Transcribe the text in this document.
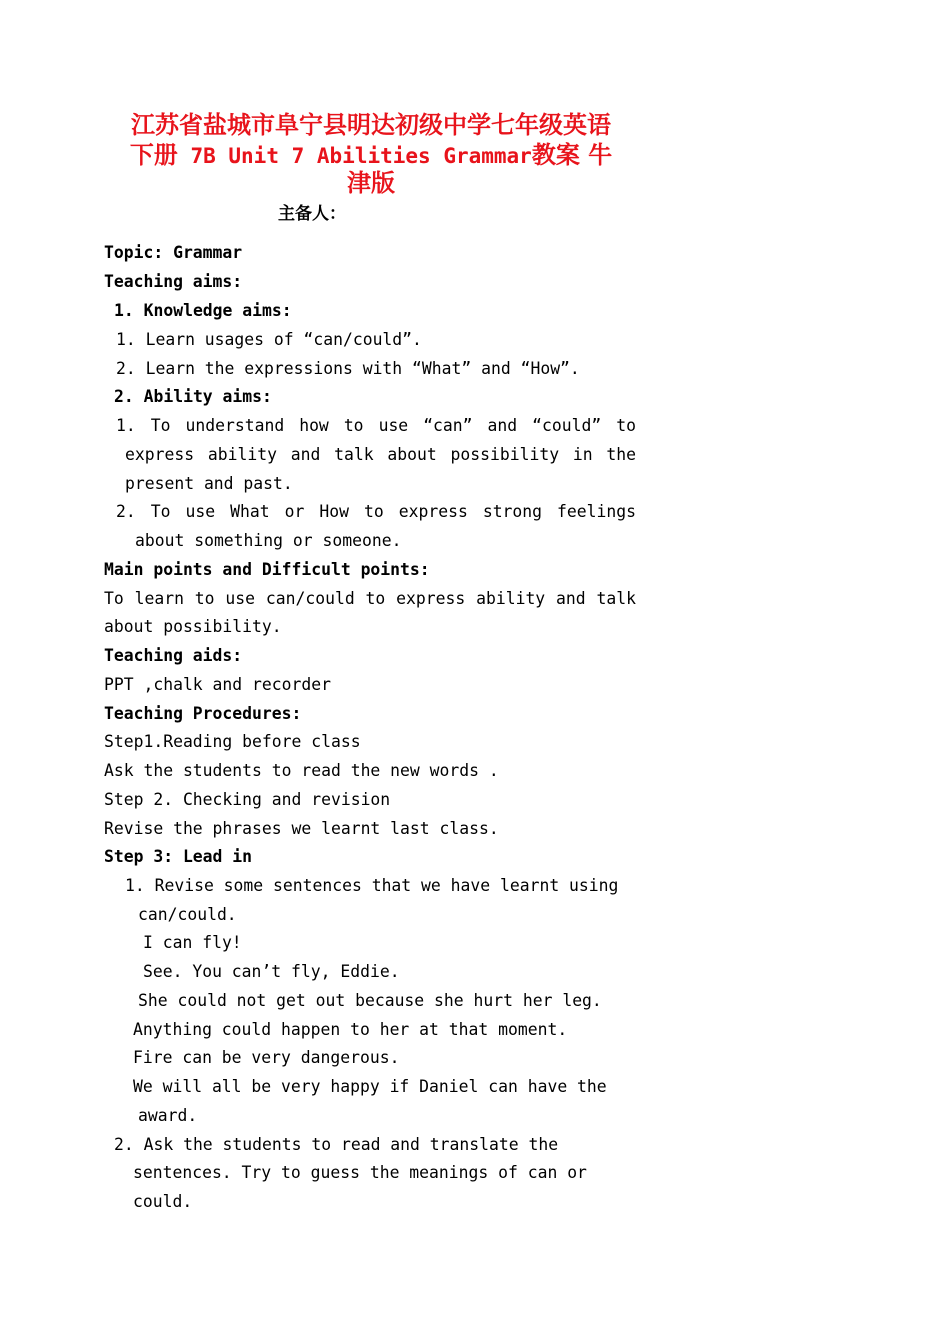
江苏省盐城市阜宁县明达初级中学七年级英语
下册 7B Unit 7 Abilities Grammar教案 牛
津版
主备人：
Topic: Grammar
Teaching aims:
1. Knowledge aims:
1. Learn usages of “can/could”.
2. Learn the expressions with “What” and “How”.
2. Ability aims:
1. To understand how to use “can” and “could” to
express ability and talk about possibility in the
present and past.
2. To use What or How to express strong feelings
about something or someone.
Main points and Difficult points:
To learn to use can/could to express ability and talk
about possibility.
Teaching aids:
PPT ,chalk and recorder
Teaching Procedures:
Step1.Reading before class
Ask the students to read the new words .
Step 2. Checking and revision
Revise the phrases we learnt last class.
Step 3: Lead in
1. Revise some sentences that we have learnt using
can/could.
I can fly!
See. You can’t fly, Eddie.
She could not get out because she hurt her leg.
Anything could happen to her at that moment.
Fire can be very dangerous.
We will all be very happy if Daniel can have the
award.
2. Ask the students to read and translate the
sentences. Try to guess the meanings of can or
could.
